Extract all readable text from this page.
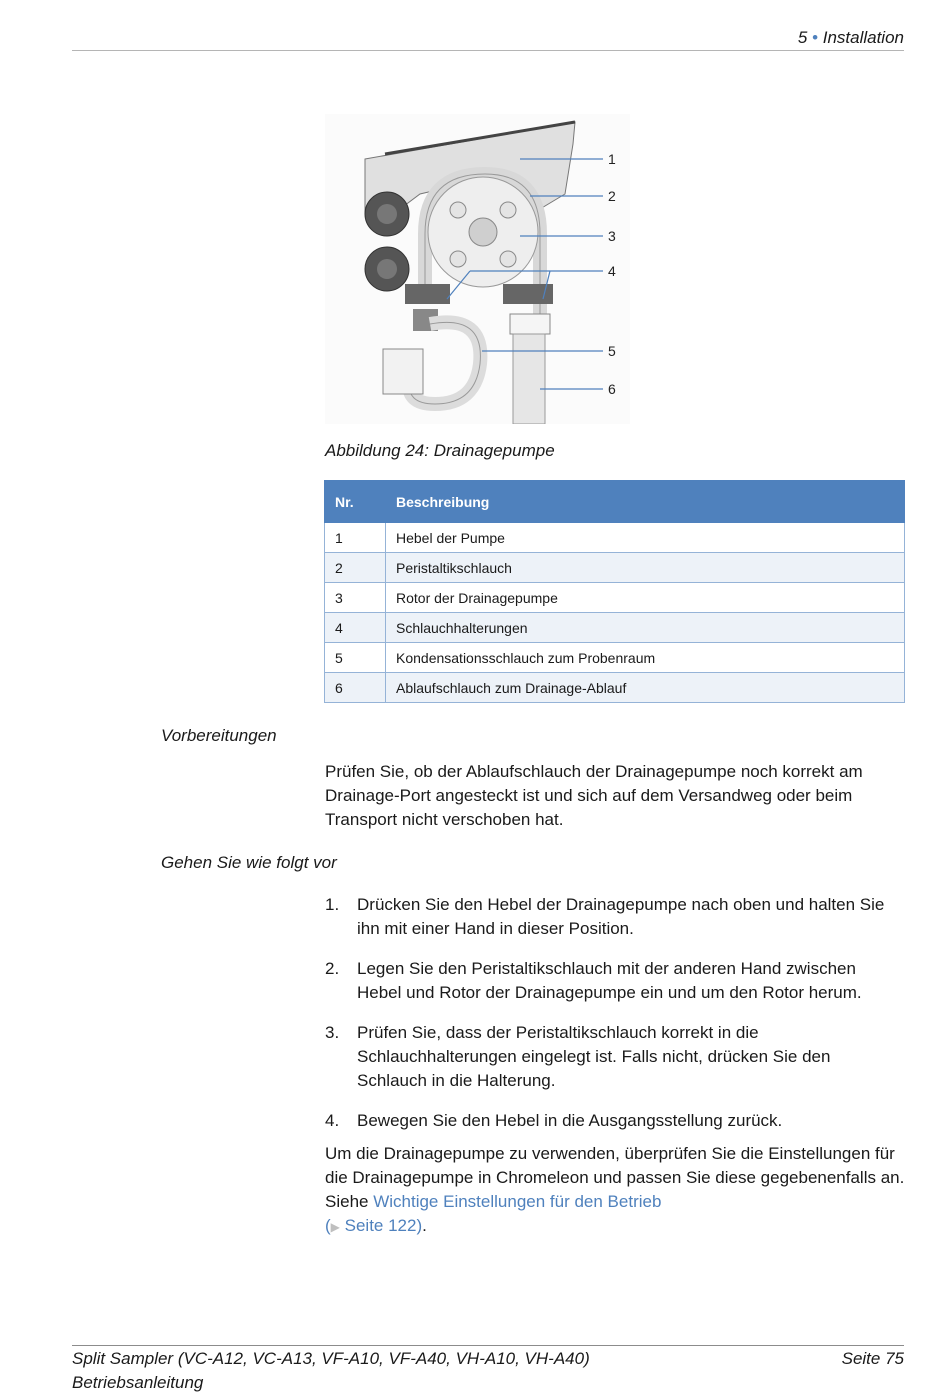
5 • Installation
1
2
3
4
5
6
Abbildung 24: Drainagepumpe
Nr.	Beschreibung
1	Hebel der Pumpe
2	Peristaltikschlauch
3	Rotor der Drainagepumpe
4	Schlauchhalterungen
5	Kondensationsschlauch zum Probenraum
6	Ablaufschlauch zum Drainage-Ablauf
Vorbereitungen
Prüfen Sie, ob der Ablaufschlauch der Drainagepumpe noch korrekt am Drainage-Port angesteckt ist und sich auf dem Versandweg oder beim Transport nicht verschoben hat.
Gehen Sie wie folgt vor
1. Drücken Sie den Hebel der Drainagepumpe nach oben und halten Sie ihn mit einer Hand in dieser Position.
2. Legen Sie den Peristaltikschlauch mit der anderen Hand zwischen Hebel und Rotor der Drainagepumpe ein und um den Rotor herum.
3. Prüfen Sie, dass der Peristaltikschlauch korrekt in die Schlauchhalterungen eingelegt ist. Falls nicht, drücken Sie den Schlauch in die Halterung.
4. Bewegen Sie den Hebel in die Ausgangsstellung zurück.
Um die Drainagepumpe zu verwenden, überprüfen Sie die Einstellungen für die Drainagepumpe in Chromeleon und passen Sie diese gegebenenfalls an. Siehe Wichtige Einstellungen für den Betrieb
(▶ Seite 122).
Split Sampler (VC-A12, VC-A13, VF-A10, VF-A40, VH-A10, VH-A40)
Betriebsanleitung
Seite 75
